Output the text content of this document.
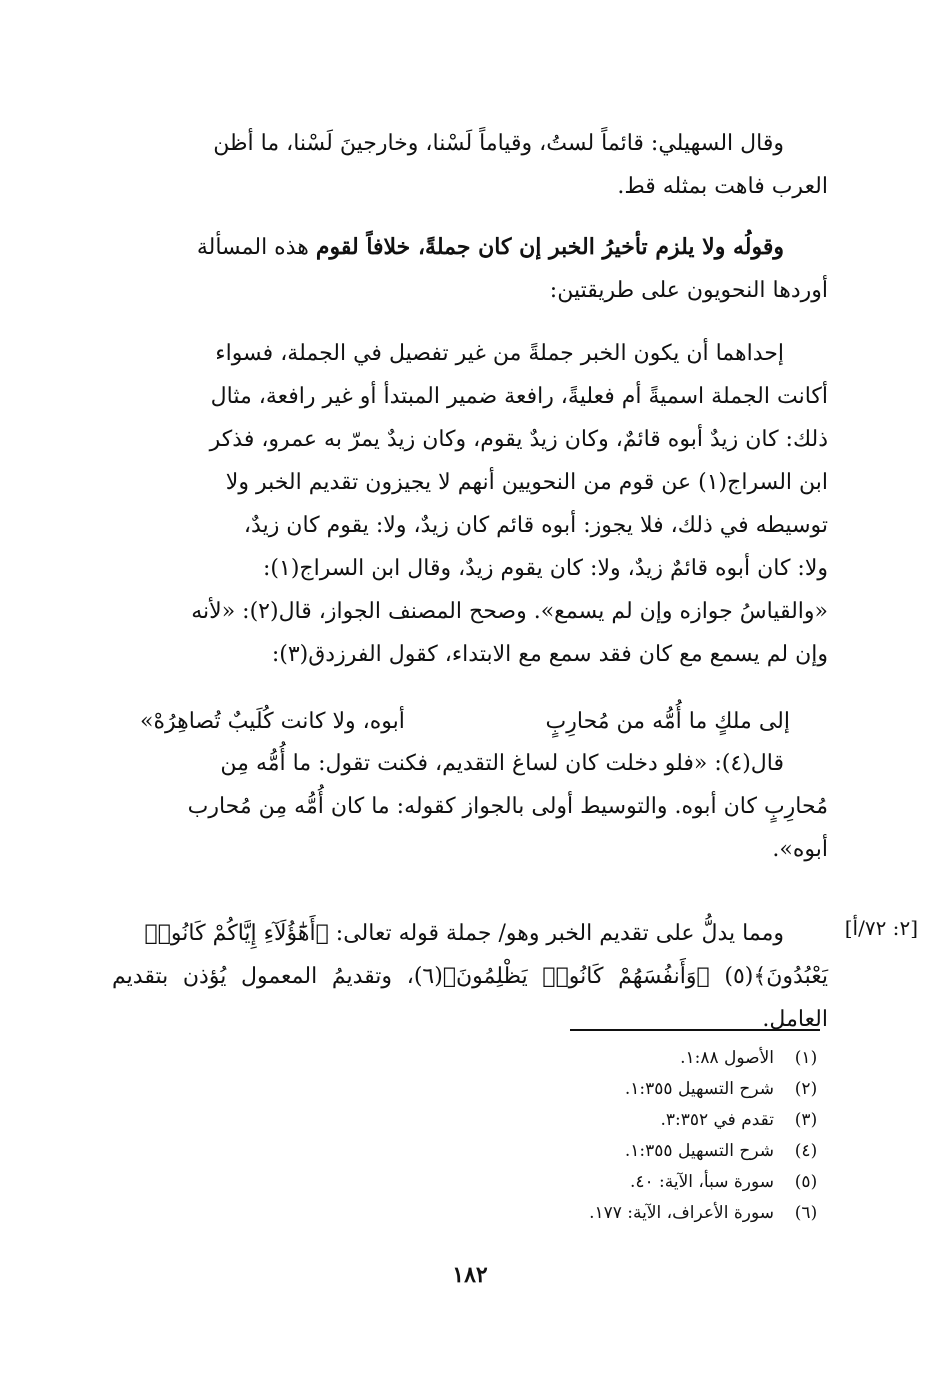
وقال السهيلي: قائماً لستُ، وقياماً لَسْنا، وخارجينَ لَسْنا، ما أظن
العرب فاهت بمثله قط.
وقولُه ولا يلزم تأخيرُ الخبر إن كان جملةً، خلافاً لقوم هذه المسألة
أوردها النحويون على طريقتين:
إحداهما أن يكون الخبر جملةً من غير تفصيل في الجملة، فسواء
أكانت الجملة اسميةً أم فعليةً، رافعة ضمير المبتدأ أو غير رافعة، مثال
ذلك: كان زيدٌ أبوه قائمٌ، وكان زيدٌ يقوم، وكان زيدٌ يمرّ به عمرو، فذكر
ابن السراج(١) عن قوم من النحويين أنهم لا يجيزون تقديم الخبر ولا
توسيطه في ذلك، فلا يجوز: أبوه قائم كان زيدٌ، ولا: يقوم كان زيدٌ،
ولا: كان أبوه قائمٌ زيدٌ، ولا: كان يقوم زيدٌ، وقال ابن السراج(١):
«والقياسُ جوازه وإن لم يسمع». وصحح المصنف الجواز، قال(٢): «لأنه
وإن لم يسمع مع كان فقد سمع مع الابتداء، كقول الفرزدق(٣):
إلى ملكٍ ما أُمُّه من مُحارِبٍ
أبوه، ولا كانت كُلَيبٌ تُصاهِرُهْ»
قال(٤): «فلو دخلت كان لساغ التقديم، فكنت تقول: ما أُمُّه مِن
مُحارِبٍ كان أبوه. والتوسيط أولى بالجواز كقوله: ما كان أُمُّه مِن مُحارب
أبوه».
[٢: ٧٢/أ]
ومما يدلُّ على تقديم الخبر وهو/ جملة قوله تعالى: ﴿أَهَٰٓؤُلَآءِ إِيَّاكُمْ كَانُوا۟
يَعْبُدُونَ﴾(٥) ﴿وَأَنفُسَهُمْ كَانُوا۟ يَظْلِمُونَ﴾(٦)، وتقديمُ المعمول يُؤذن بتقديم العامل.
(١)
الأصول ١:٨٨.
(٢)
شرح التسهيل ١:٣٥٥.
(٣)
تقدم في ٣:٣٥٢.
(٤)
شرح التسهيل ١:٣٥٥.
(٥)
سورة سبأ، الآية: ٤٠.
(٦)
سورة الأعراف، الآية: ١٧٧.
١٨٢
